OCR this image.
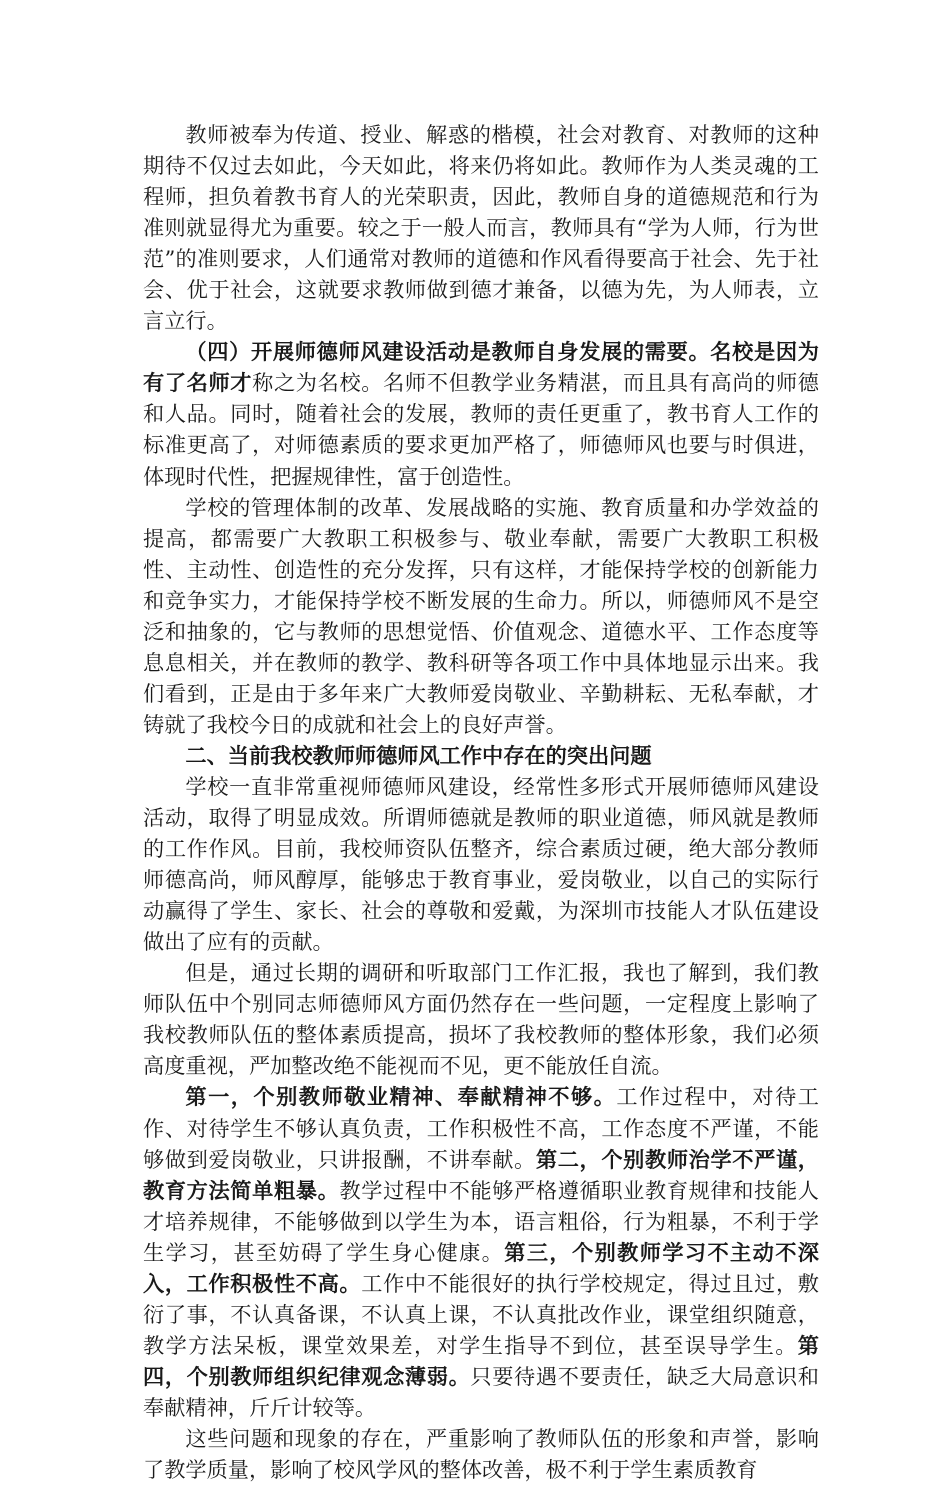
教师被奉为传道、授业、解惑的楷模，社会对教育、对教师的这种期待不仅过去如此，今天如此，将来仍将如此。教师作为人类灵魂的工程师，担负着教书育人的光荣职责，因此，教师自身的道德规范和行为准则就显得尤为重要。较之于一般人而言，教师具有“学为人师，行为世范”的准则要求，人们通常对教师的道德和作风看得要高于社会、先于社会、优于社会，这就要求教师做到德才兼备，以德为先，为人师表，立言立行。

（四）开展师德师风建设活动是教师自身发展的需要。名校是因为有了名师才称之为名校。名师不但教学业务精湛，而且具有高尚的师德和人品。同时，随着社会的发展，教师的责任更重了，教书育人工作的标准更高了，对师德素质的要求更加严格了，师德师风也要与时俱进，体现时代性，把握规律性，富于创造性。

学校的管理体制的改革、发展战略的实施、教育质量和办学效益的提高，都需要广大教职工积极参与、敬业奉献，需要广大教职工积极性、主动性、创造性的充分发挥，只有这样，才能保持学校的创新能力和竞争实力，才能保持学校不断发展的生命力。所以，师德师风不是空泛和抽象的，它与教师的思想觉悟、价值观念、道德水平、工作态度等息息相关，并在教师的教学、教科研等各项工作中具体地显示出来。我们看到，正是由于多年来广大教师爱岗敬业、辛勤耕耘、无私奉献，才铸就了我校今日的成就和社会上的良好声誉。

二、当前我校教师师德师风工作中存在的突出问题

学校一直非常重视师德师风建设，经常性多形式开展师德师风建设活动，取得了明显成效。所谓师德就是教师的职业道德，师风就是教师的工作作风。目前，我校师资队伍整齐，综合素质过硬，绝大部分教师师德高尚，师风醇厚，能够忠于教育事业，爱岗敬业，以自己的实际行动赢得了学生、家长、社会的尊敬和爱戴，为深圳市技能人才队伍建设做出了应有的贡献。

但是，通过长期的调研和听取部门工作汇报，我也了解到，我们教师队伍中个别同志师德师风方面仍然存在一些问题，一定程度上影响了我校教师队伍的整体素质提高，损坏了我校教师的整体形象，我们必须高度重视，严加整改绝不能视而不见，更不能放任自流。

第一，个别教师敬业精神、奉献精神不够。工作过程中，对待工作、对待学生不够认真负责，工作积极性不高，工作态度不严谨，不能够做到爱岗敬业，只讲报酬，不讲奉献。第二，个别教师治学不严谨，教育方法简单粗暴。教学过程中不能够严格遵循职业教育规律和技能人才培养规律，不能够做到以学生为本，语言粗俗，行为粗暴，不利于学生学习，甚至妨碍了学生身心健康。第三，个别教师学习不主动不深入，工作积极性不高。工作中不能很好的执行学校规定，得过且过，敷衍了事，不认真备课，不认真上课，不认真批改作业，课堂组织随意，教学方法呆板，课堂效果差，对学生指导不到位，甚至误导学生。第四，个别教师组织纪律观念薄弱。只要待遇不要责任，缺乏大局意识和奉献精神，斤斤计较等。

这些问题和现象的存在，严重影响了教师队伍的形象和声誉，影响了教学质量，影响了校风学风的整体改善，极不利于学生素质教育
